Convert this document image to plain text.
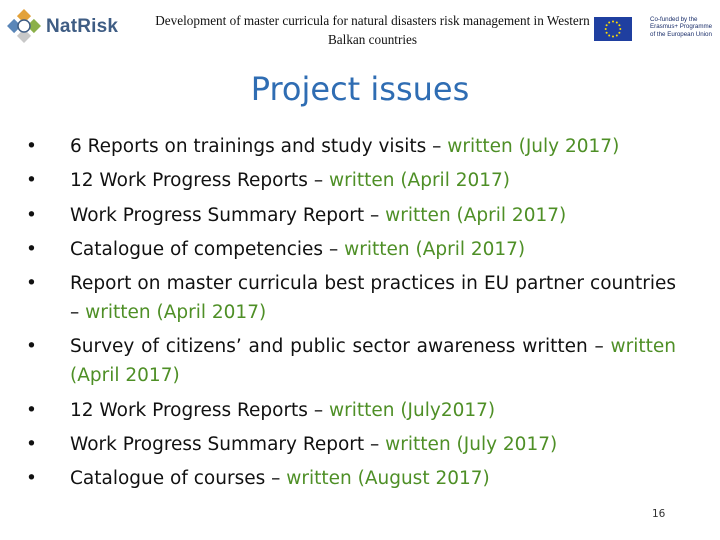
NatRisk	Development of master curricula for natural disasters risk management in Western Balkan countries
Co-funded by the Erasmus+ Programme of the European Union
Project issues
• 6 Reports on trainings and study visits – written (July 2017)
• 12 Work Progress Reports – written (April 2017)
• Work Progress Summary Report – written (April 2017)
• Catalogue of competencies – written (April 2017)
• Report on master curricula best practices in EU partner countries – written (April 2017)
• Survey of citizens’ and public sector awareness written – written (April 2017)
• 12 Work Progress Reports – written (July2017)
• Work Progress Summary Report – written (July 2017)
• Catalogue of courses – written (August 2017)
16
